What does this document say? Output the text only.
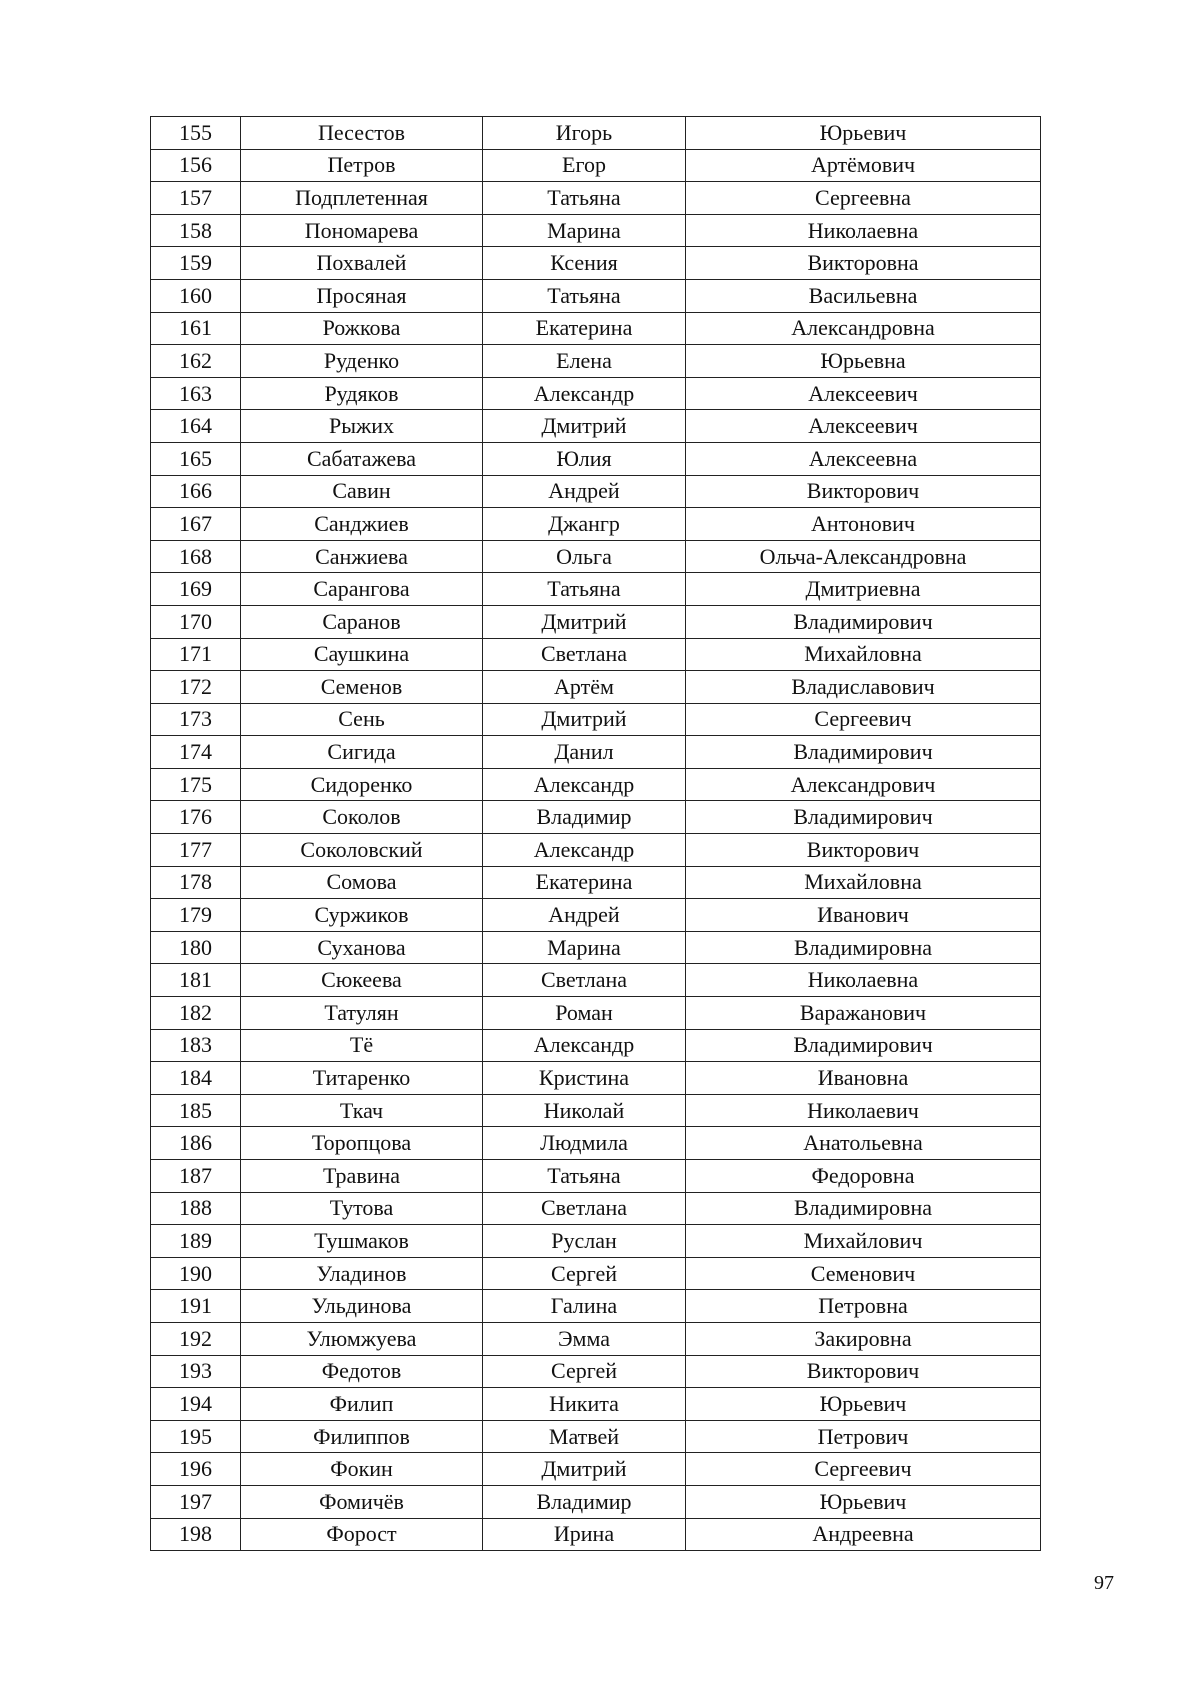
155	Песестов	Игорь	Юрьевич
156	Петров	Егор	Артёмович
157	Подплетенная	Татьяна	Сергеевна
158	Пономарева	Марина	Николаевна
159	Похвалей	Ксения	Викторовна
160	Просяная	Татьяна	Васильевна
161	Рожкова	Екатерина	Александровна
162	Руденко	Елена	Юрьевна
163	Рудяков	Александр	Алексеевич
164	Рыжих	Дмитрий	Алексеевич
165	Сабатажева	Юлия	Алексеевна
166	Савин	Андрей	Викторович
167	Санджиев	Джангр	Антонович
168	Санжиева	Ольга	Ольча-Александровна
169	Сарангова	Татьяна	Дмитриевна
170	Саранов	Дмитрий	Владимирович
171	Саушкина	Светлана	Михайловна
172	Семенов	Артём	Владиславович
173	Сень	Дмитрий	Сергеевич
174	Сигида	Данил	Владимирович
175	Сидоренко	Александр	Александрович
176	Соколов	Владимир	Владимирович
177	Соколовский	Александр	Викторович
178	Сомова	Екатерина	Михайловна
179	Суржиков	Андрей	Иванович
180	Суханова	Марина	Владимировна
181	Сюкеева	Светлана	Николаевна
182	Татулян	Роман	Варажанович
183	Тё	Александр	Владимирович
184	Титаренко	Кристина	Ивановна
185	Ткач	Николай	Николаевич
186	Торопцова	Людмила	Анатольевна
187	Травина	Татьяна	Федоровна
188	Тутова	Светлана	Владимировна
189	Тушмаков	Руслан	Михайлович
190	Уладинов	Сергей	Семенович
191	Ульдинова	Галина	Петровна
192	Улюмжуева	Эмма	Закировна
193	Федотов	Сергей	Викторович
194	Филип	Никита	Юрьевич
195	Филиппов	Матвей	Петрович
196	Фокин	Дмитрий	Сергеевич
197	Фомичёв	Владимир	Юрьевич
198	Форост	Ирина	Андреевна
97
